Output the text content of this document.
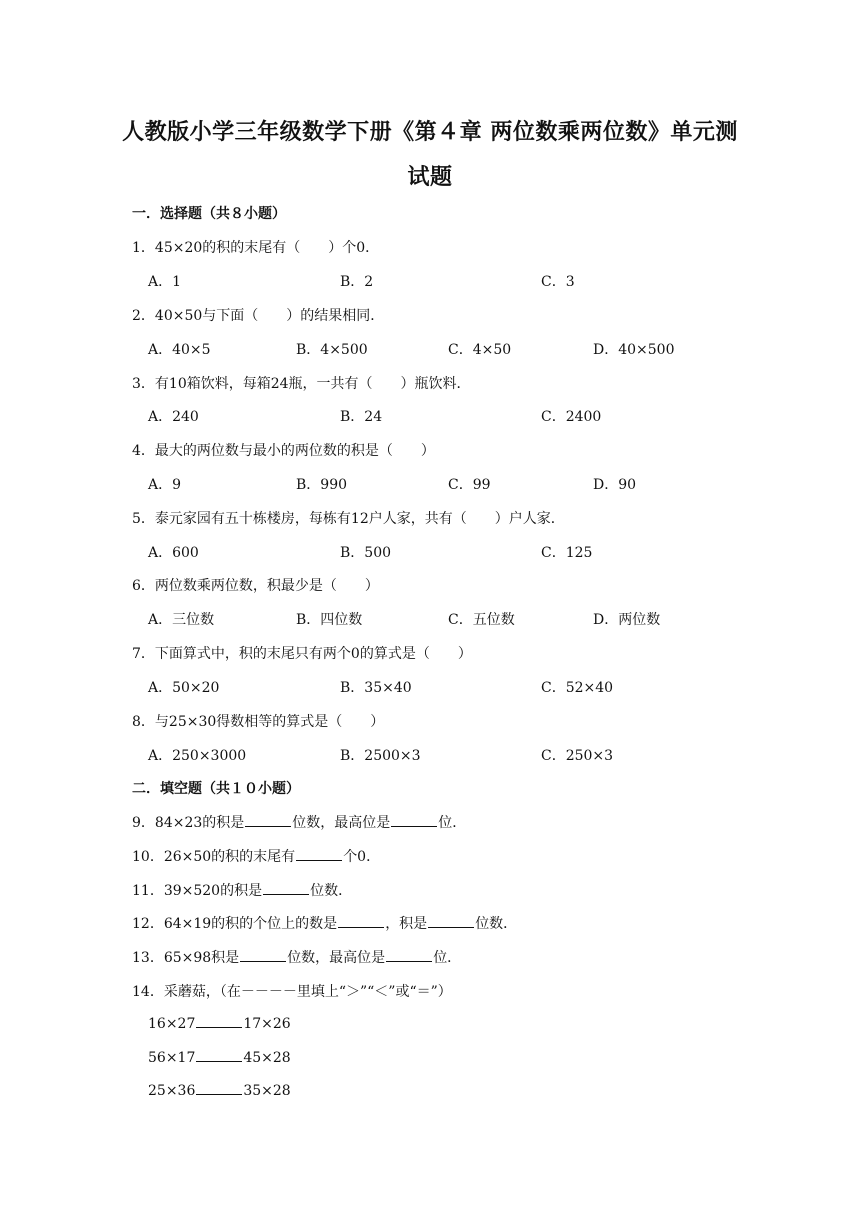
人教版小学三年级数学下册《第４章 两位数乘两位数》单元测
试题
一．选择题（共８小题）
1．45×20的积的末尾有（　　）个0．
A．1	B．2	C．3
2．40×50与下面（　　）的结果相同．
A．40×5	B．4×500	C．4×50	D．40×500
3．有10箱饮料，每箱24瓶，一共有（　　）瓶饮料．
A．240	B．24	C．2400
4．最大的两位数与最小的两位数的积是（　　）
A．9	B．990	C．99	D．90
5．泰元家园有五十栋楼房，每栋有12户人家，共有（　　）户人家．
A．600	B．500	C．125
6．两位数乘两位数，积最少是（　　）
A．三位数	B．四位数	C．五位数	D．两位数
7．下面算式中，积的末尾只有两个0的算式是（　　）
A．50×20	B．35×40	C．52×40
8．与25×30得数相等的算式是（　　）
A．250×3000	B．2500×3	C．250×3
二．填空题（共１０小题）
9．84×23的积是	位数，最高位是	位．
10．26×50的积的末尾有	个0．
11．39×520的积是	位数．
12．64×19的积的个位上的数是	，积是	位数．
13．65×98积是	位数，最高位是	位．
14．采蘑菇，（在－－－－里填上“＞”“＜”或“＝”）
16×27	17×26
56×17	45×28
25×36	35×28
